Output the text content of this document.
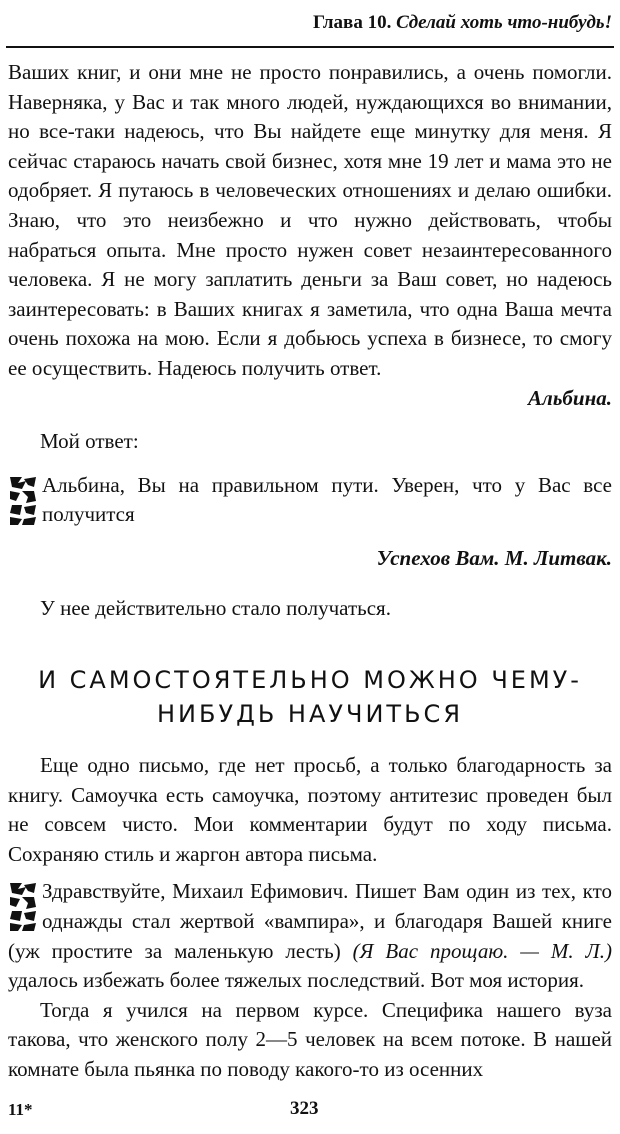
Глава 10. Сделай хоть что-нибудь!

Ваших книг, и они мне не просто понравились, а очень помогли. Наверняка, у Вас и так много людей, нуждающихся во внимании, но все-таки надеюсь, что Вы найдете еще минутку для меня. Я сейчас стараюсь начать свой бизнес, хотя мне 19 лет и мама это не одобряет. Я путаюсь в человеческих отношениях и делаю ошибки. Знаю, что это неизбежно и что нужно действовать, чтобы набраться опыта. Мне просто нужен совет незаинтересованного человека. Я не могу заплатить деньги за Ваш совет, но надеюсь заинтересовать: в Ваших книгах я заметила, что одна Ваша мечта очень похожа на мою. Если я добьюсь успеха в бизнесе, то смогу ее осуществить. Надеюсь получить ответ.

Альбина.

Мой ответ:

Альбина, Вы на правильном пути. Уверен, что у Вас все получится

Успехов Вам. М. Литвак.

У нее действительно стало получаться.

И САМОСТОЯТЕЛЬНО МОЖНО ЧЕМУ-НИБУДЬ НАУЧИТЬСЯ

Еще одно письмо, где нет просьб, а только благодарность за книгу. Самоучка есть самоучка, поэтому антитезис проведен был не совсем чисто. Мои комментарии будут по ходу письма. Сохраняю стиль и жаргон автора письма.

Здравствуйте, Михаил Ефимович. Пишет Вам один из тех, кто однажды стал жертвой «вампира», и благодаря Вашей книге (уж простите за маленькую лесть) (Я Вас прощаю. — М. Л.) удалось избежать более тяжелых последствий. Вот моя история.

Тогда я учился на первом курсе. Специфика нашего вуза такова, что женского полу 2—5 человек на всем потоке. В нашей комнате была пьянка по поводу какого-то из осенних

11*	323
